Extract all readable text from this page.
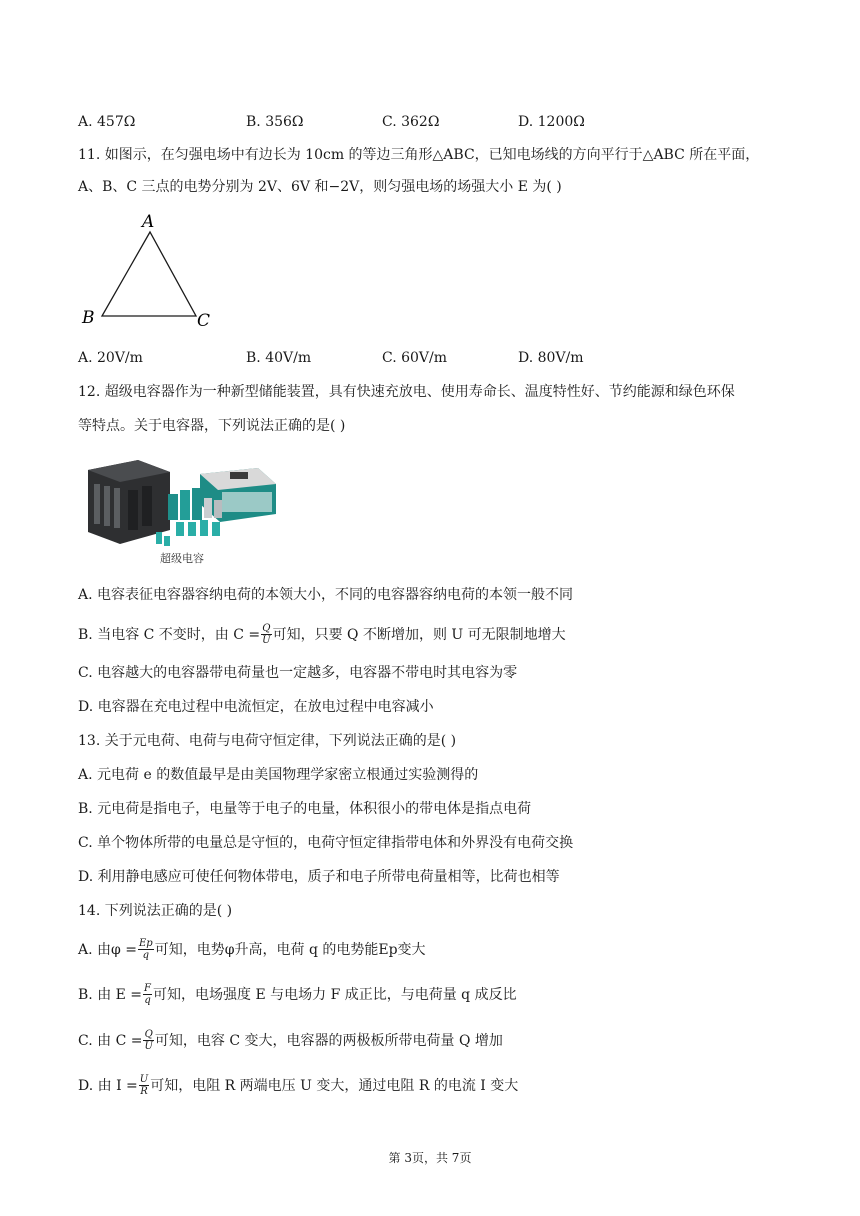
A. 457Ω	B. 356Ω	C. 362Ω	D. 1200Ω
11. 如图示，在匀强电场中有边长为 10cm 的等边三角形△ABC，已知电场线的方向平行于△ABC 所在平面，
A、B、C 三点的电势分别为 2V、6V 和−2V，则匀强电场的场强大小 E 为( )
A
B	C
A. 20V/m	B. 40V/m	C. 60V/m	D. 80V/m
12. 超级电容器作为一种新型储能装置，具有快速充放电、使用寿命长、温度特性好、节约能源和绿色环保
等特点。关于电容器，下列说法正确的是( )
超级电容
A. 电容表征电容器容纳电荷的本领大小，不同的电容器容纳电荷的本领一般不同
B. 当电容 C 不变时，由 $C = \frac{Q}{U}$ 可知，只要 Q 不断增加，则 U 可无限制地增大
C. 电容越大的电容器带电荷量也一定越多，电容器不带电时其电容为零
D. 电容器在充电过程中电流恒定，在放电过程中电容减小
13. 关于元电荷、电荷与电荷守恒定律，下列说法正确的是( )
A. 元电荷 e 的数值最早是由美国物理学家密立根通过实验测得的
B. 元电荷是指电子，电量等于电子的电量，体积很小的带电体是指点电荷
C. 单个物体所带的电量总是守恒的，电荷守恒定律指带电体和外界没有电荷交换
D. 利用静电感应可使任何物体带电，质子和电子所带电荷量相等，比荷也相等
14. 下列说法正确的是( )
A. 由$\varphi = \frac{Ep}{q}$ 可知，电势φ升高，电荷 q 的电势能Ep变大
B. 由 $E = \frac{F}{q}$ 可知，电场强度 E 与电场力 F 成正比，与电荷量 q 成反比
C. 由 $C = \frac{Q}{U}$ 可知，电容 C 变大，电容器的两极板所带电荷量 Q 增加
D. 由 $I = \frac{U}{R}$ 可知，电阻 R 两端电压 U 变大，通过电阻 R 的电流 I 变大
第 3页，共 7页
